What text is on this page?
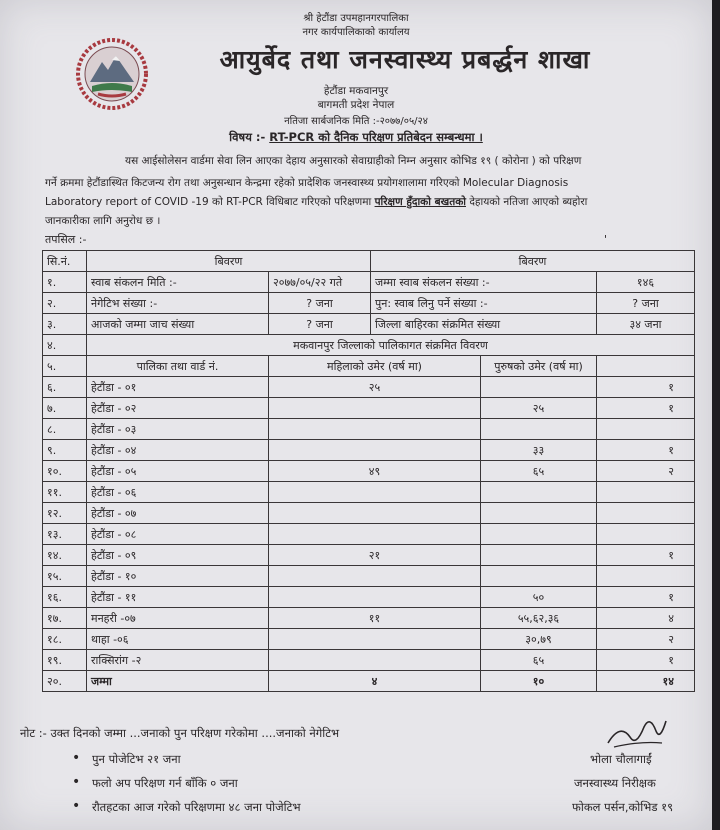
श्री हेटौंडा उपमहानगरपालिका
नगर कार्यपालिकाको कार्यालय
आयुर्बेद तथा जनस्वास्थ्य प्रबर्द्धन शाखा
हेटौंडा मकवानपुर
बागमती प्रदेश नेपाल
नतिजा सार्बजनिक मिति :-२०७७/०५/२४
विषय :- RT-PCR को दैनिक परिक्षण प्रतिबेदन सम्बन्धमा ।
यस आईसोलेसन वार्डमा सेवा लिन आएका देहाय अनुसारको सेवाग्राहीको निम्न अनुसार कोभिड १९ ( कोरोना ) को परिक्षण
गर्ने क्रममा हेटौंडास्थित किटजन्य रोग तथा अनुसन्धान केन्द्रमा रहेको प्रादेशिक जनस्वास्थ्य प्रयोगशालामा गरिएको Molecular Diagnosis
Laboratory report of COVID -19 को RT-PCR विधिबाट गरिएको परिक्षणमा परिक्षण हुँदाको बखतको देहायको नतिजा आएको ब्यहोरा
जानकारीका लागि अनुरोध छ ।
तपसिल :-	'
सि.नं.	बिवरण		बिवरण		
१.	स्वाब संकलन मिति :-	२०७७/०५/२२ गते	जम्मा स्वाब संकलन संख्या :-		१४६
२.	नेगेटिभ संख्या :-	? जना	पुन: स्वाब लिनु पर्ने संख्या :-		? जना
३.	आजको जम्मा जाच संख्या	? जना	जिल्ला बाहिरका संक्रमित संख्या		३४ जना
४.	मकवानपुर जिल्लाको पालिकागत संक्रमित विवरण				
५.	पालिका तथा वार्ड नं.	महिलाको उमेर (वर्ष मा)		पुरुषको उमेर (वर्ष मा)	
६.	हेटौंडा - ०१	२५			१
७.	हेटौंडा - ०२			२५	१
८.	हेटौंडा - ०३				
९.	हेटौंडा - ०४			३३	१
१०.	हेटौंडा - ०५	४९		६५	२
११.	हेटौंडा - ०६				
१२.	हेटौंडा - ०७				
१३.	हेटौंडा - ०८				
१४.	हेटौंडा - ०९	२१			१
१५.	हेटौंडा - १०				
१६.	हेटौंडा - ११			५०	१
१७.	मनहरी -०७	११		५५,६२,३६	४
१८.	थाहा -०६			३०,७९	२
१९.	राक्सिरांग -२			६५	१
२०.	जम्मा	४		१०	१४
नोट :- उक्त दिनको जम्मा ...जनाको पुन परिक्षण गरेकोमा ....जनाको नेगेटिभ
• पुन पोजेटिभ २१ जना
• फलो अप परिक्षण गर्न बाँकि ० जना
• रौतहटका आज गरेको परिक्षणमा ४८ जना पोजेटिभ
भोला चौलागाईं
जनस्वास्थ्य निरीक्षक
फोकल पर्सन,कोभिड १९
